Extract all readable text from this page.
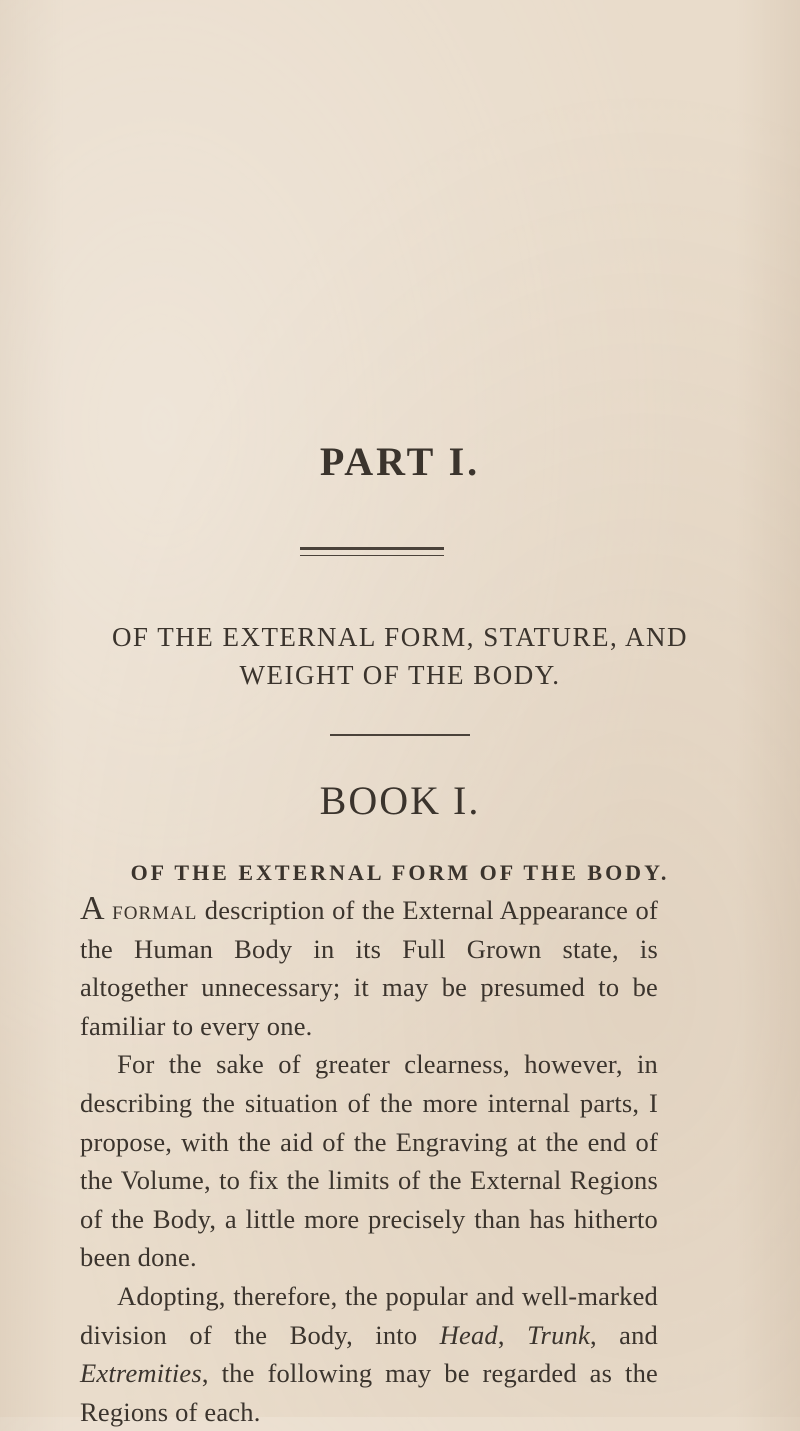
PART I.
OF THE EXTERNAL FORM, STATURE, AND WEIGHT OF THE BODY.
BOOK I.
OF THE EXTERNAL FORM OF THE BODY.

A formal description of the External Appearance of the Human Body in its Full Grown state, is altogether unnecessary; it may be presumed to be familiar to every one.

For the sake of greater clearness, however, in describing the situation of the more internal parts, I propose, with the aid of the Engraving at the end of the Volume, to fix the limits of the External Regions of the Body, a little more precisely than has hitherto been done.

Adopting, therefore, the popular and well-marked division of the Body, into Head, Trunk, and Extremities, the following may be regarded as the Regions of each.
